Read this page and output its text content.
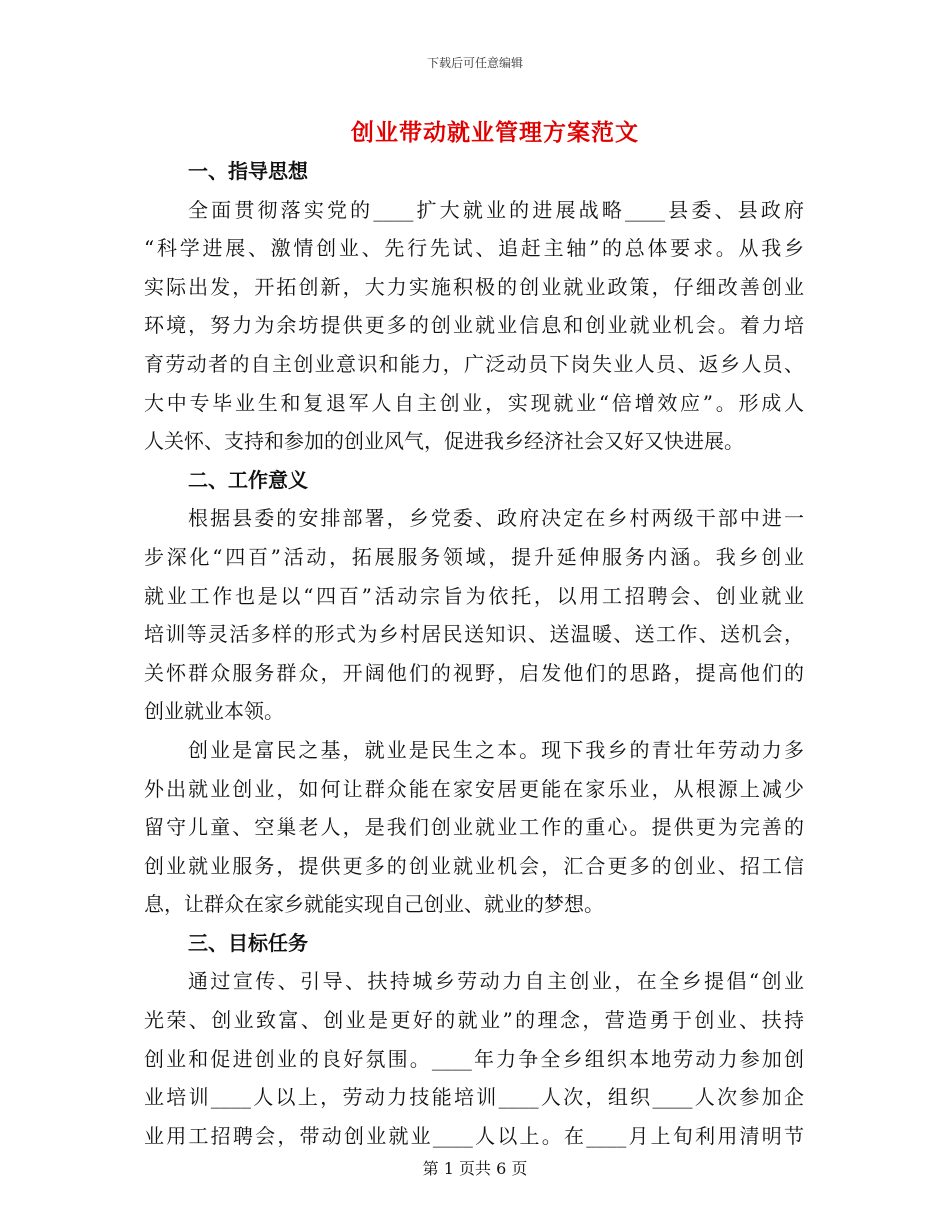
下载后可任意编辑
创业带动就业管理方案范文
一、指导思想
全面贯彻落实党的____扩大就业的进展战略____县委、县政府
“科学进展、激情创业、先行先试、追赶主轴”的总体要求。从我乡
实际出发，开拓创新，大力实施积极的创业就业政策，仔细改善创业
环境，努力为余坊提供更多的创业就业信息和创业就业机会。着力培
育劳动者的自主创业意识和能力，广泛动员下岗失业人员、返乡人员、
大中专毕业生和复退军人自主创业，实现就业“倍增效应”。形成人
人关怀、支持和参加的创业风气，促进我乡经济社会又好又快进展。
二、工作意义
根据县委的安排部署，乡党委、政府决定在乡村两级干部中进一
步深化“四百”活动，拓展服务领域，提升延伸服务内涵。我乡创业
就业工作也是以“四百”活动宗旨为依托，以用工招聘会、创业就业
培训等灵活多样的形式为乡村居民送知识、送温暖、送工作、送机会，
关怀群众服务群众，开阔他们的视野，启发他们的思路，提高他们的
创业就业本领。
创业是富民之基，就业是民生之本。现下我乡的青壮年劳动力多
外出就业创业，如何让群众能在家安居更能在家乐业，从根源上减少
留守儿童、空巢老人，是我们创业就业工作的重心。提供更为完善的
创业就业服务，提供更多的创业就业机会，汇合更多的创业、招工信
息，让群众在家乡就能实现自己创业、就业的梦想。
三、目标任务
通过宣传、引导、扶持城乡劳动力自主创业，在全乡提倡“创业
光荣、创业致富、创业是更好的就业”的理念，营造勇于创业、扶持
创业和促进创业的良好氛围。____年力争全乡组织本地劳动力参加创
业培训____人以上，劳动力技能培训____人次，组织____人次参加企
业用工招聘会，带动创业就业____人以上。在____月上旬利用清明节
第 1 页共 6 页
